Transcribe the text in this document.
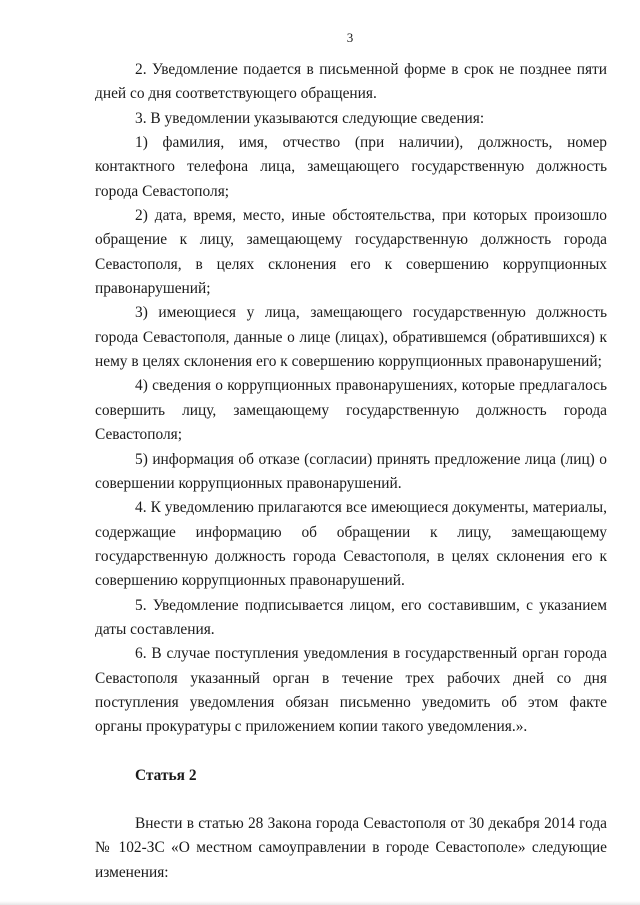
3

2. Уведомление подается в письменной форме в срок не позднее пяти дней со дня соответствующего обращения.

3. В уведомлении указываются следующие сведения:

1) фамилия, имя, отчество (при наличии), должность, номер контактного телефона лица, замещающего государственную должность города Севастополя;

2) дата, время, место, иные обстоятельства, при которых произошло обращение к лицу, замещающему государственную должность города Севастополя, в целях склонения его к совершению коррупционных правонарушений;

3) имеющиеся у лица, замещающего государственную должность города Севастополя, данные о лице (лицах), обратившемся (обратившихся) к нему в целях склонения его к совершению коррупционных правонарушений;

4) сведения о коррупционных правонарушениях, которые предлагалось совершить лицу, замещающему государственную должность города Севастополя;

5) информация об отказе (согласии) принять предложение лица (лиц) о совершении коррупционных правонарушений.

4. К уведомлению прилагаются все имеющиеся документы, материалы, содержащие информацию об обращении к лицу, замещающему государственную должность города Севастополя, в целях склонения его к совершению коррупционных правонарушений.

5. Уведомление подписывается лицом, его составившим, с указанием даты составления.

6. В случае поступления уведомления в государственный орган города Севастополя указанный орган в течение трех рабочих дней со дня поступления уведомления обязан письменно уведомить об этом факте органы прокуратуры с приложением копии такого уведомления.».

Статья 2

Внести в статью 28 Закона города Севастополя от 30 декабря 2014 года № 102-ЗС «О местном самоуправлении в городе Севастополе» следующие изменения:
